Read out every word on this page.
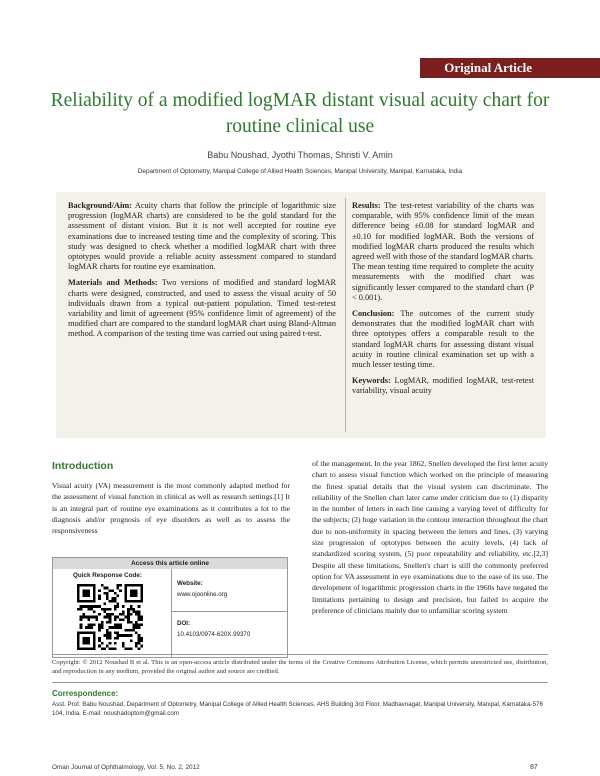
Original Article
Reliability of a modified logMAR distant visual acuity chart for routine clinical use
Babu Noushad, Jyothi Thomas, Shristi V. Amin
Department of Optometry, Manipal College of Allied Health Sciences, Manipal University, Manipal, Karnataka, India

Background/Aim: Acuity charts that follow the principle of logarithmic size progression (logMAR charts) are considered to be the gold standard for the assessment of distant vision. But it is not well accepted for routine eye examinations due to increased testing time and the complexity of scoring. This study was designed to check whether a modified logMAR chart with three optotypes would provide a reliable acuity assessment compared to standard logMAR charts for routine eye examination.

Materials and Methods: Two versions of modified and standard logMAR charts were designed, constructed, and used to assess the visual acuity of 50 individuals drawn from a typical out-patient population. Timed test-retest variability and limit of agreement (95% confidence limit of agreement) of the modified chart are compared to the standard logMAR chart using Bland-Altman method. A comparison of the testing time was carried out using paired t-test.

Results: The test-retest variability of the charts was comparable, with 95% confidence limit of the mean difference being ±0.08 for standard logMAR and ±0.10 for modified logMAR. Both the versions of modified logMAR charts produced the results which agreed well with those of the standard logMAR charts. The mean testing time required to complete the acuity measurements with the modified chart was significantly lesser compared to the standard chart (P < 0.001).

Conclusion: The outcomes of the current study demonstrates that the modified logMAR chart with three optotypes offers a comparable result to the standard logMAR charts for assessing distant visual acuity in routine clinical examination set up with a much lesser testing time.

Keywords: LogMAR, modified logMAR, test-retest variability, visual acuity

Introduction
Visual acuity (VA) measurement is the most commonly adapted method for the assessment of visual function in clinical as well as research settings.[1] It is an integral part of routine eye examinations as it contributes a lot to the diagnosis and/or prognosis of eye disorders as well as to assess the responsiveness
of the management. In the year 1862, Snellen developed the first letter acuity chart to assess visual function which worked on the principle of measuring the finest spatial details that the visual system can discriminate. The reliability of the Snellen chart later came under criticism due to (1) disparity in the number of letters in each line causing a varying level of difficulty for the subjects; (2) huge variation in the contour interaction throughout the chart due to non-uniformity in spacing between the letters and lines, (3) varying size progression of optotypes between the acuity levels, (4) lack of standardized scoring system, (5) poor repeatability and reliability, etc.[2,3] Despite all these limitations, Snellen's chart is still the commonly preferred option for VA assessment in eye examinations due to the ease of its use. The development of logarithmic progression charts in the 1960s have negated the limitations pertaining to design and precision, but failed to acquire the preference of clinicians mainly due to unfamiliar scoring system
Access this article online
Quick Response Code:
Website:
www.ojoonline.org
DOI:
10.4103/0974-620X.99370
Copyright: © 2012 Noushad B et al. This is an open-access article distributed under the terms of the Creative Commons Attribution License, which permits unrestricted use, distribution, and reproduction in any medium, provided the original author and source are credited.
Correspondence:
Asst. Prof. Babu Noushad, Department of Optometry, Manipal College of Allied Health Sciences, AHS Building 3rd Floor, Madhavnagar, Manipal University, Manipal, Karnataka-576 104, India. E-mail: noushadoptom@gmail.com
Oman Journal of Ophthalmology, Vol. 5, No. 2, 2012	87
